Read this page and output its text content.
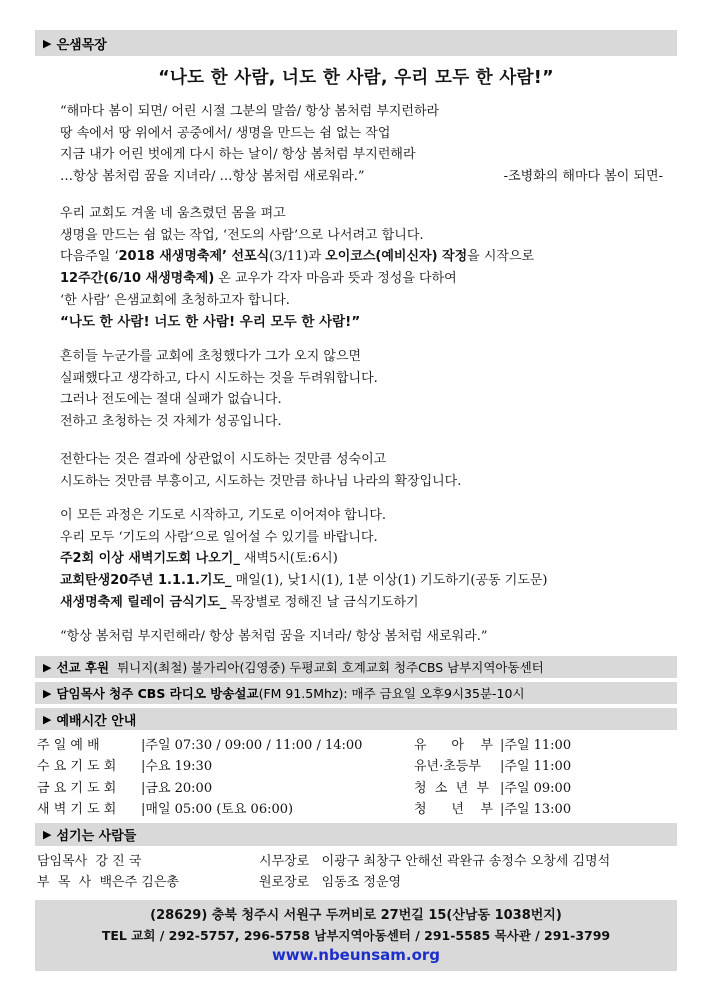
▶ 은샘목장
“나도 한 사람, 너도 한 사람, 우리 모두 한 사람!”
“해마다 봄이 되면/ 어린 시절 그분의 말씀/ 항상 봄처럼 부지런하라
땅 속에서 땅 위에서 공중에서/ 생명을 만드는 쉼 없는 작업
지금 내가 어린 벗에게 다시 하는 날이/ 항상 봄처럼 부지런해라
…항상 봄처럼 꿈을 지녀라/ …항상 봄처럼 새로워라.”	-조병화의 해마다 봄이 되면-
우리 교회도 겨울 네 움츠렸던 몸을 펴고
생명을 만드는 쉼 없는 작업, ‘전도의 사람’으로 나서려고 합니다.
다음주일 ‘2018 새생명축제’ 선포식(3/11)과 오이코스(예비신자) 작정을 시작으로
12주간(6/10 새생명축제) 온 교우가 각자 마음과 뜻과 정성을 다하여
‘한 사람’ 은샘교회에 초청하고자 합니다.
“나도 한 사람! 너도 한 사람! 우리 모두 한 사람!”
흔히들 누군가를 교회에 초청했다가 그가 오지 않으면
실패했다고 생각하고, 다시 시도하는 것을 두려워합니다.
그러나 전도에는 절대 실패가 없습니다.
전하고 초청하는 것 자체가 성공입니다.
전한다는 것은 결과에 상관없이 시도하는 것만큼 성숙이고
시도하는 것만큼 부흥이고, 시도하는 것만큼 하나님 나라의 확장입니다.
이 모든 과정은 기도로 시작하고, 기도로 이어져야 합니다.
우리 모두 ‘기도의 사람’으로 일어설 수 있기를 바랍니다.
주2회 이상 새벽기도회 나오기_ 새벽5시(토:6시)
교회탄생20주년 1.1.1.기도_ 매일(1), 낮1시(1), 1분 이상(1) 기도하기(공동 기도문)
새생명축제 릴레이 금식기도_ 목장별로 정해진 날 금식기도하기
“항상 봄처럼 부지런해라/ 항상 봄처럼 꿈을 지녀라/ 항상 봄처럼 새로워라.”
▶ 선교 후원
튀니지(최철) 불가리아(김영중) 두평교회 호계교회 청주CBS 남부지역아동센터
▶ 담임목사 청주 CBS 라디오 방송설교 (FM 91.5Mhz): 매주 금요일 오후9시35분-10시
▶ 예배시간 안내
주 일 예 배	|주일 07:30 / 09:00 / 11:00 / 14:00
수 요 기 도 회 |수요 19:30
금 요 기 도 회 |금요 20:00
새 벽 기 도 회 |매일 05:00 (토요 06:00)
유      아    부 |주일 11:00
유년·초등부 |주일 11:00
청  소  년  부 |주일 09:00
청      년    부 |주일 13:00
▶ 섬기는 사람들
담임목사  강 진 국
부  목  사  백은주 김은총
시무장로   이광구 최창구 안해선 곽완규 송정수 오창세 김명석
원로장로   임동조 정운영
(28629) 충북 청주시 서원구 두꺼비로 27번길 15(산남동 1038번지)
TEL 교회 / 292-5757, 296-5758 남부지역아동센터 / 291-5585 목사관 / 291-3799
www.nbeunsam.org
